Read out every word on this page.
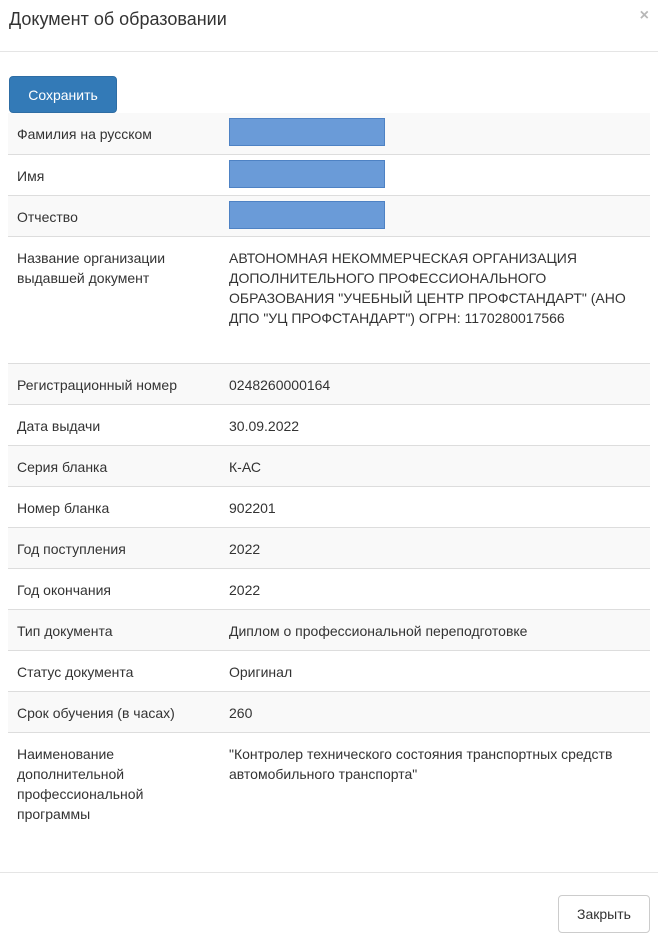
Документ об образовании	×
Сохранить
Фамилия на русском	

Имя	

Отчество	

Название организации выдавшей документ	АВТОНОМНАЯ НЕКОММЕРЧЕСКАЯ ОРГАНИЗАЦИЯ ДОПОЛНИТЕЛЬНОГО ПРОФЕССИОНАЛЬНОГО ОБРАЗОВАНИЯ "УЧЕБНЫЙ ЦЕНТР ПРОФСТАНДАРТ" (АНО ДПО "УЦ ПРОФСТАНДАРТ") ОГРН: 1170280017566
Регистрационный номер	0248260000164
Дата выдачи	30.09.2022
Серия бланка	К-АС
Номер бланка	902201
Год поступления	2022
Год окончания	2022
Тип документа	Диплом о профессиональной переподготовке
Статус документа	Оригинал
Срок обучения (в часах)	260
Наименование дополнительной профессиональной программы	"Контролер технического состояния транспортных средств автомобильного транспорта"
Закрыть
